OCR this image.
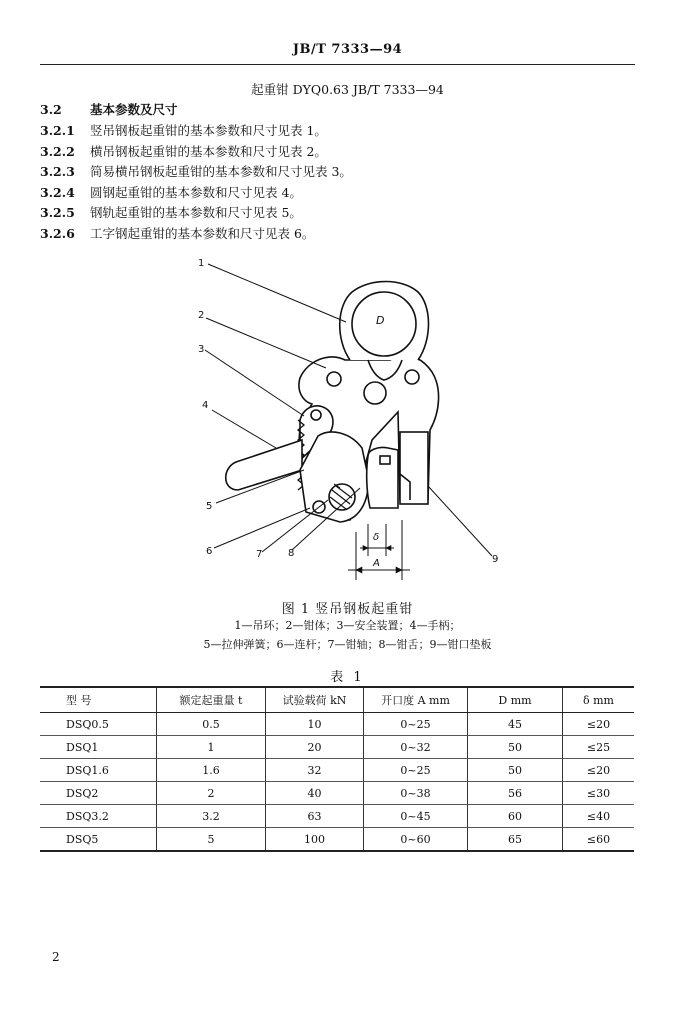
JB/T 7333—94
起重钳 DYQ0.63 JB/T 7333—94
3.2 基本参数及尺寸
3.2.1 竖吊钢板起重钳的基本参数和尺寸见表 1。
3.2.2 横吊钢板起重钳的基本参数和尺寸见表 2。
3.2.3 简易横吊钢板起重钳的基本参数和尺寸见表 3。
3.2.4 圆钢起重钳的基本参数和尺寸见表 4。
3.2.5 钢轨起重钳的基本参数和尺寸见表 5。
3.2.6 工字钢起重钳的基本参数和尺寸见表 6。
1
2
3
4
5
6	7	8
9
D
A
δ
图 1 竖吊钢板起重钳
1—吊环；2—钳体；3—安全装置；4—手柄；
5—拉伸弹簧；6—连杆；7—钳轴；8—钳舌；9—钳口垫板
表 1
型 号	额定起重量 t	试验载荷 kN	开口度 A mm	D mm	δ mm
DSQ0.5	0.5	10	0~25	45	≤20
DSQ1	1	20	0~32	50	≤25
DSQ1.6	1.6	32	0~25	50	≤20
DSQ2	2	40	0~38	56	≤30
DSQ3.2	3.2	63	0~45	60	≤40
DSQ5	5	100	0~60	65	≤60
2
